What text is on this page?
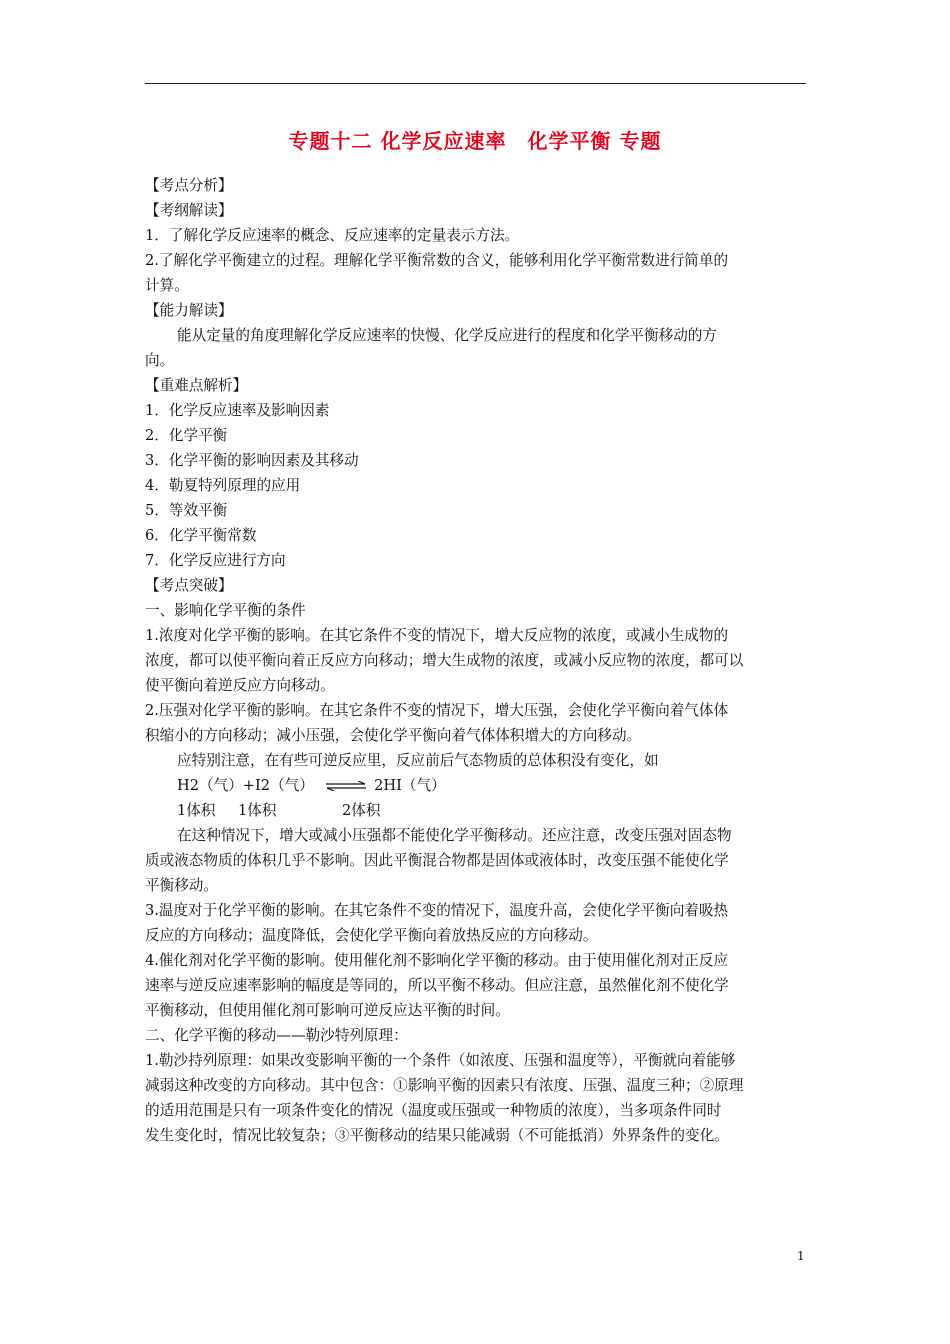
专题十二 化学反应速率　化学平衡 专题
【考点分析】
【考纲解读】
1．了解化学反应速率的概念、反应速率的定量表示方法。
2.了解化学平衡建立的过程。理解化学平衡常数的含义，能够利用化学平衡常数进行简单的
计算。
【能力解读】
能从定量的角度理解化学反应速率的快慢、化学反应进行的程度和化学平衡移动的方
向。
【重难点解析】
1．化学反应速率及影响因素
2．化学平衡
3．化学平衡的影响因素及其移动
4．勒夏特列原理的应用
5．等效平衡
6．化学平衡常数
7．化学反应进行方向
【考点突破】
一、影响化学平衡的条件
1.浓度对化学平衡的影响。在其它条件不变的情况下，增大反应物的浓度，或减小生成物的
浓度，都可以使平衡向着正反应方向移动；增大生成物的浓度，或减小反应物的浓度，都可以
使平衡向着逆反应方向移动。
2.压强对化学平衡的影响。在其它条件不变的情况下，增大压强，会使化学平衡向着气体体
积缩小的方向移动；减小压强，会使化学平衡向着气体体积增大的方向移动。
应特别注意，在有些可逆反应里，反应前后气态物质的总体积没有变化，如
H2（气）+I2（气） ⇌ 2HI（气）
1体积 1体积	2体积
在这种情况下，增大或减小压强都不能使化学平衡移动。还应注意，改变压强对固态物
质或液态物质的体积几乎不影响。因此平衡混合物都是固体或液体时，改变压强不能使化学
平衡移动。
3.温度对于化学平衡的影响。在其它条件不变的情况下，温度升高，会使化学平衡向着吸热
反应的方向移动；温度降低，会使化学平衡向着放热反应的方向移动。
4.催化剂对化学平衡的影响。使用催化剂不影响化学平衡的移动。由于使用催化剂对正反应
速率与逆反应速率影响的幅度是等同的，所以平衡不移动。但应注意，虽然催化剂不使化学
平衡移动，但使用催化剂可影响可逆反应达平衡的时间。
二、化学平衡的移动——勒沙特列原理：
1.勒沙持列原理：如果改变影响平衡的一个条件（如浓度、压强和温度等），平衡就向着能够
减弱这种改变的方向移动。其中包含：①影响平衡的因素只有浓度、压强、温度三种；②原理
的适用范围是只有一项条件变化的情况（温度或压强或一种物质的浓度），当多项条件同时
发生变化时，情况比较复杂；③平衡移动的结果只能减弱（不可能抵消）外界条件的变化。
1
